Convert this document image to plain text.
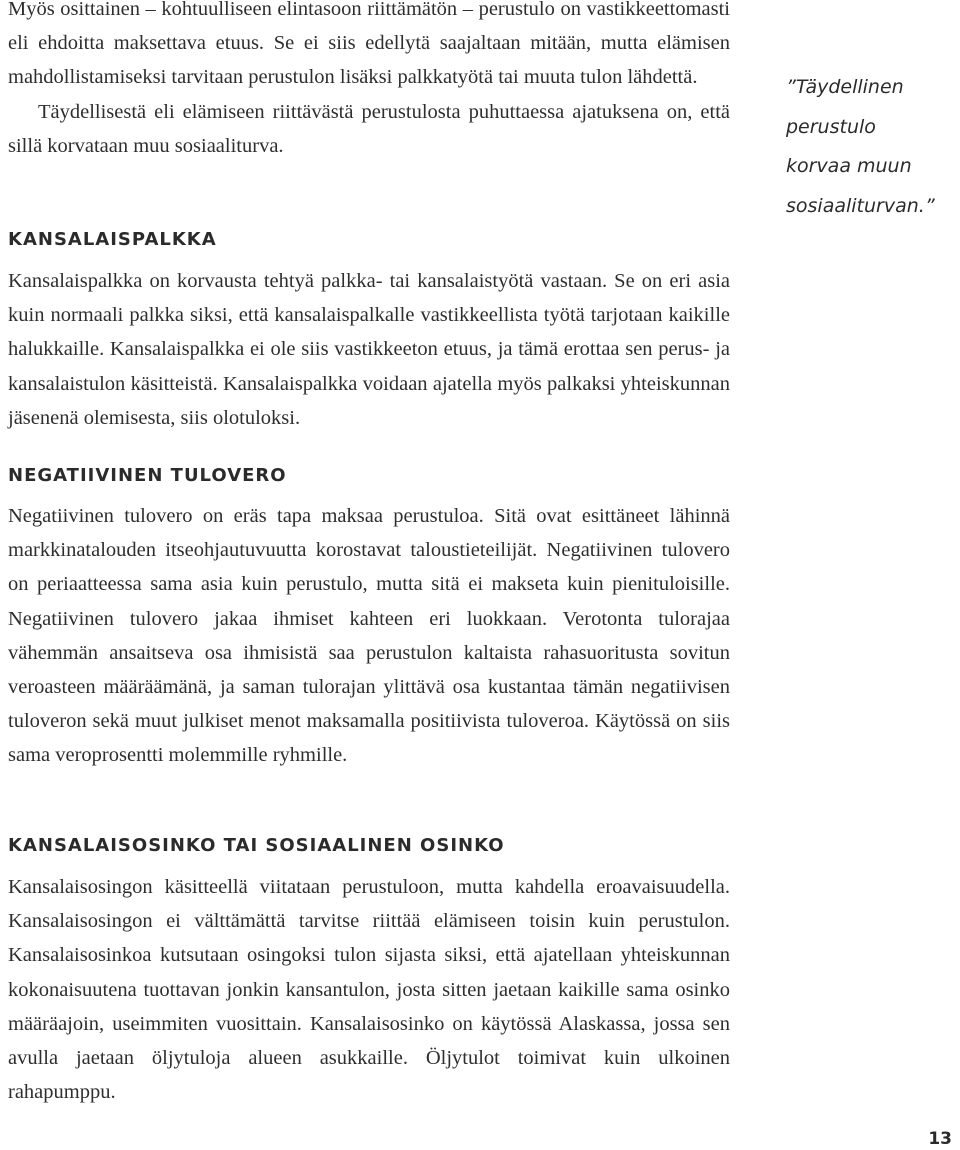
Myös osittainen – kohtuulliseen elintasoon riittämätön – perustulo on vastikkeettomasti eli ehdoitta maksettava etuus. Se ei siis edellytä saajaltaan mitään, mutta elämisen mahdollistamiseksi tarvitaan perustulon lisäksi palkkatyötä tai muuta tulon lähdettä.

Täydellisestä eli elämiseen riittävästä perustulosta puhuttaessa ajatuksena on, että sillä korvataan muu sosiaaliturva.

”Täydellinen perustulo korvaa muun sosiaaliturvan.”

KANSALAISPALKKA

Kansalaispalkka on korvausta tehtyä palkka- tai kansalaistyötä vastaan. Se on eri asia kuin normaali palkka siksi, että kansalaispalkalle vastikkeellista työtä tarjotaan kaikille halukkaille. Kansalaispalkka ei ole siis vastikkeeton etuus, ja tämä erottaa sen perus- ja kansalaistulon käsitteistä. Kansalaispalkka voidaan ajatella myös palkaksi yhteiskunnan jäsenenä olemisesta, siis olotuloksi.

NEGATIIVINEN TULOVERO

Negatiivinen tulovero on eräs tapa maksaa perustuloa. Sitä ovat esittäneet lähinnä markkinatalouden itseohjautuvuutta korostavat taloustieteilijät. Negatiivinen tulovero on periaatteessa sama asia kuin perustulo, mutta sitä ei makseta kuin pienituloisille. Negatiivinen tulovero jakaa ihmiset kahteen eri luokkaan. Verotonta tulorajaa vähemmän ansaitseva osa ihmisistä saa perustulon kaltaista rahasuoritusta sovitun veroasteen määräämänä, ja saman tulorajan ylittävä osa kustantaa tämän negatiivisen tuloveron sekä muut julkiset menot maksamalla positiivista tuloveroa. Käytössä on siis sama veroprosentti molemmille ryhmille.

KANSALAISOSINKO TAI SOSIAALINEN OSINKO

Kansalaisosingon käsitteellä viitataan perustuloon, mutta kahdella eroavaisuudella. Kansalaisosingon ei välttämättä tarvitse riittää elämiseen toisin kuin perustulon. Kansalaisosinkoa kutsutaan osingoksi tulon sijasta siksi, että ajatellaan yhteiskunnan kokonaisuutena tuottavan jonkin kansantulon, josta sitten jaetaan kaikille sama osinko määräajoin, useimmiten vuosittain. Kansalaisosinko on käytössä Alaskassa, jossa sen avulla jaetaan öljytuloja alueen asukkaille. Öljytulot toimivat kuin ulkoinen rahapumppu.

13
